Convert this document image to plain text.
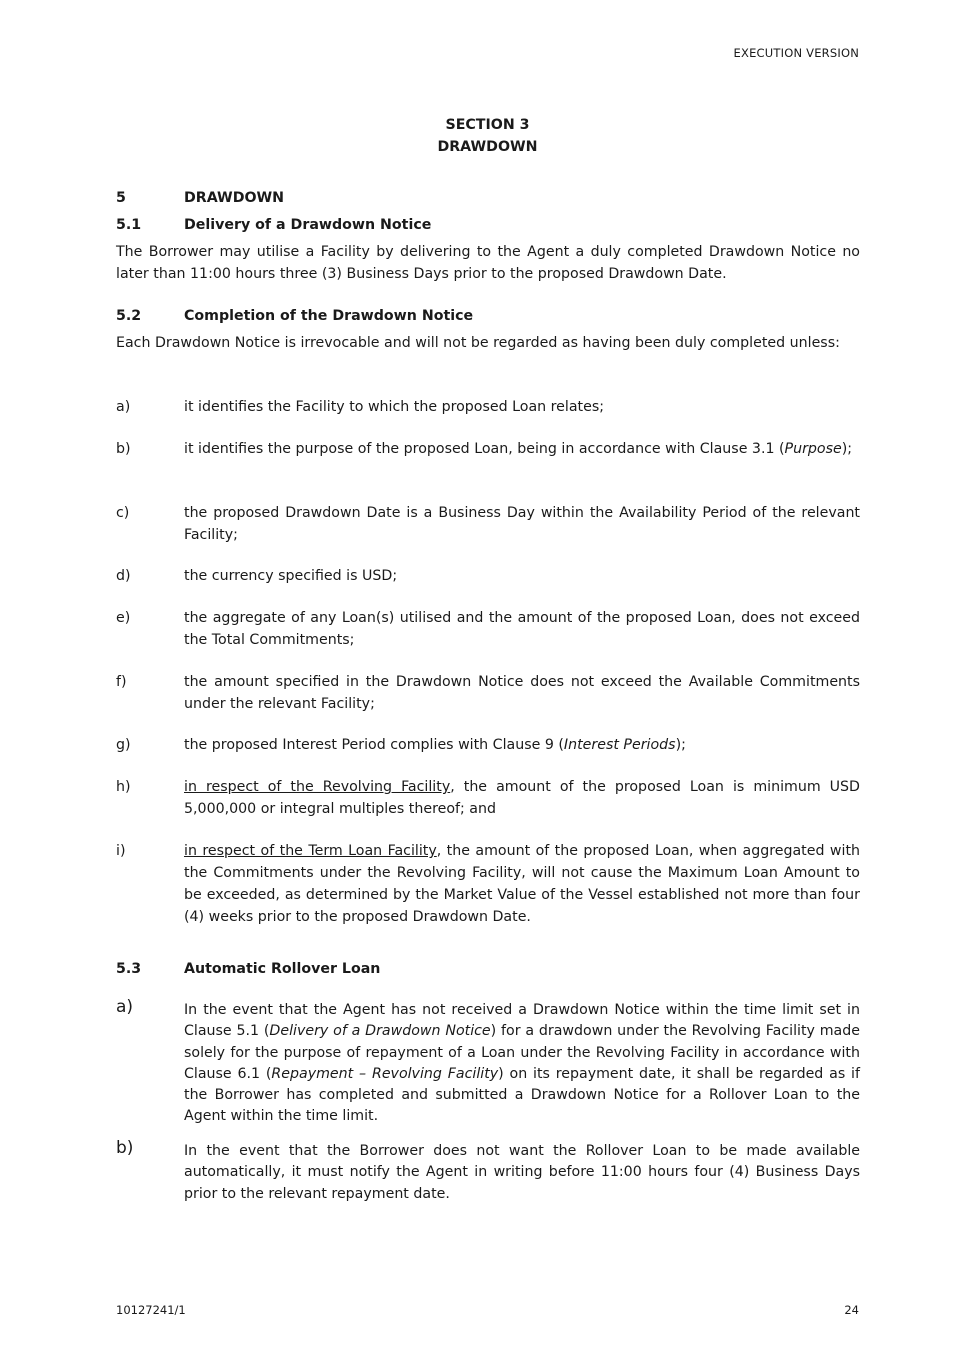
EXECUTION VERSION
SECTION 3
DRAWDOWN
5	DRAWDOWN
5.1	Delivery of a Drawdown Notice
The Borrower may utilise a Facility by delivering to the Agent a duly completed Drawdown Notice no later than 11:00 hours three (3) Business Days prior to the proposed Drawdown Date.
5.2	Completion of the Drawdown Notice
Each Drawdown Notice is irrevocable and will not be regarded as having been duly completed unless:
a)	it identifies the Facility to which the proposed Loan relates;
b)	it identifies the purpose of the proposed Loan, being in accordance with Clause 3.1 (Purpose);
c)	the proposed Drawdown Date is a Business Day within the Availability Period of the relevant Facility;
d)	the currency specified is USD;
e)	the aggregate of any Loan(s) utilised and the amount of the proposed Loan, does not exceed the Total Commitments;
f)	the amount specified in the Drawdown Notice does not exceed the Available Commitments under the relevant Facility;
g)	the proposed Interest Period complies with Clause 9 (Interest Periods);
h)	in respect of the Revolving Facility, the amount of the proposed Loan is minimum USD 5,000,000 or integral multiples thereof; and
i)	in respect of the Term Loan Facility, the amount of the proposed Loan, when aggregated with the Commitments under the Revolving Facility, will not cause the Maximum Loan Amount to be exceeded, as determined by the Market Value of the Vessel established not more than four (4) weeks prior to the proposed Drawdown Date.
5.3	Automatic Rollover Loan
a)	In the event that the Agent has not received a Drawdown Notice within the time limit set in Clause 5.1 (Delivery of a Drawdown Notice) for a drawdown under the Revolving Facility made solely for the purpose of repayment of a Loan under the Revolving Facility in accordance with Clause 6.1 (Repayment – Revolving Facility) on its repayment date, it shall be regarded as if the Borrower has completed and submitted a Drawdown Notice for a Rollover Loan to the Agent within the time limit.
b)	In the event that the Borrower does not want the Rollover Loan to be made available automatically, it must notify the Agent in writing before 11:00 hours four (4) Business Days prior to the relevant repayment date.
10127241/1	24
